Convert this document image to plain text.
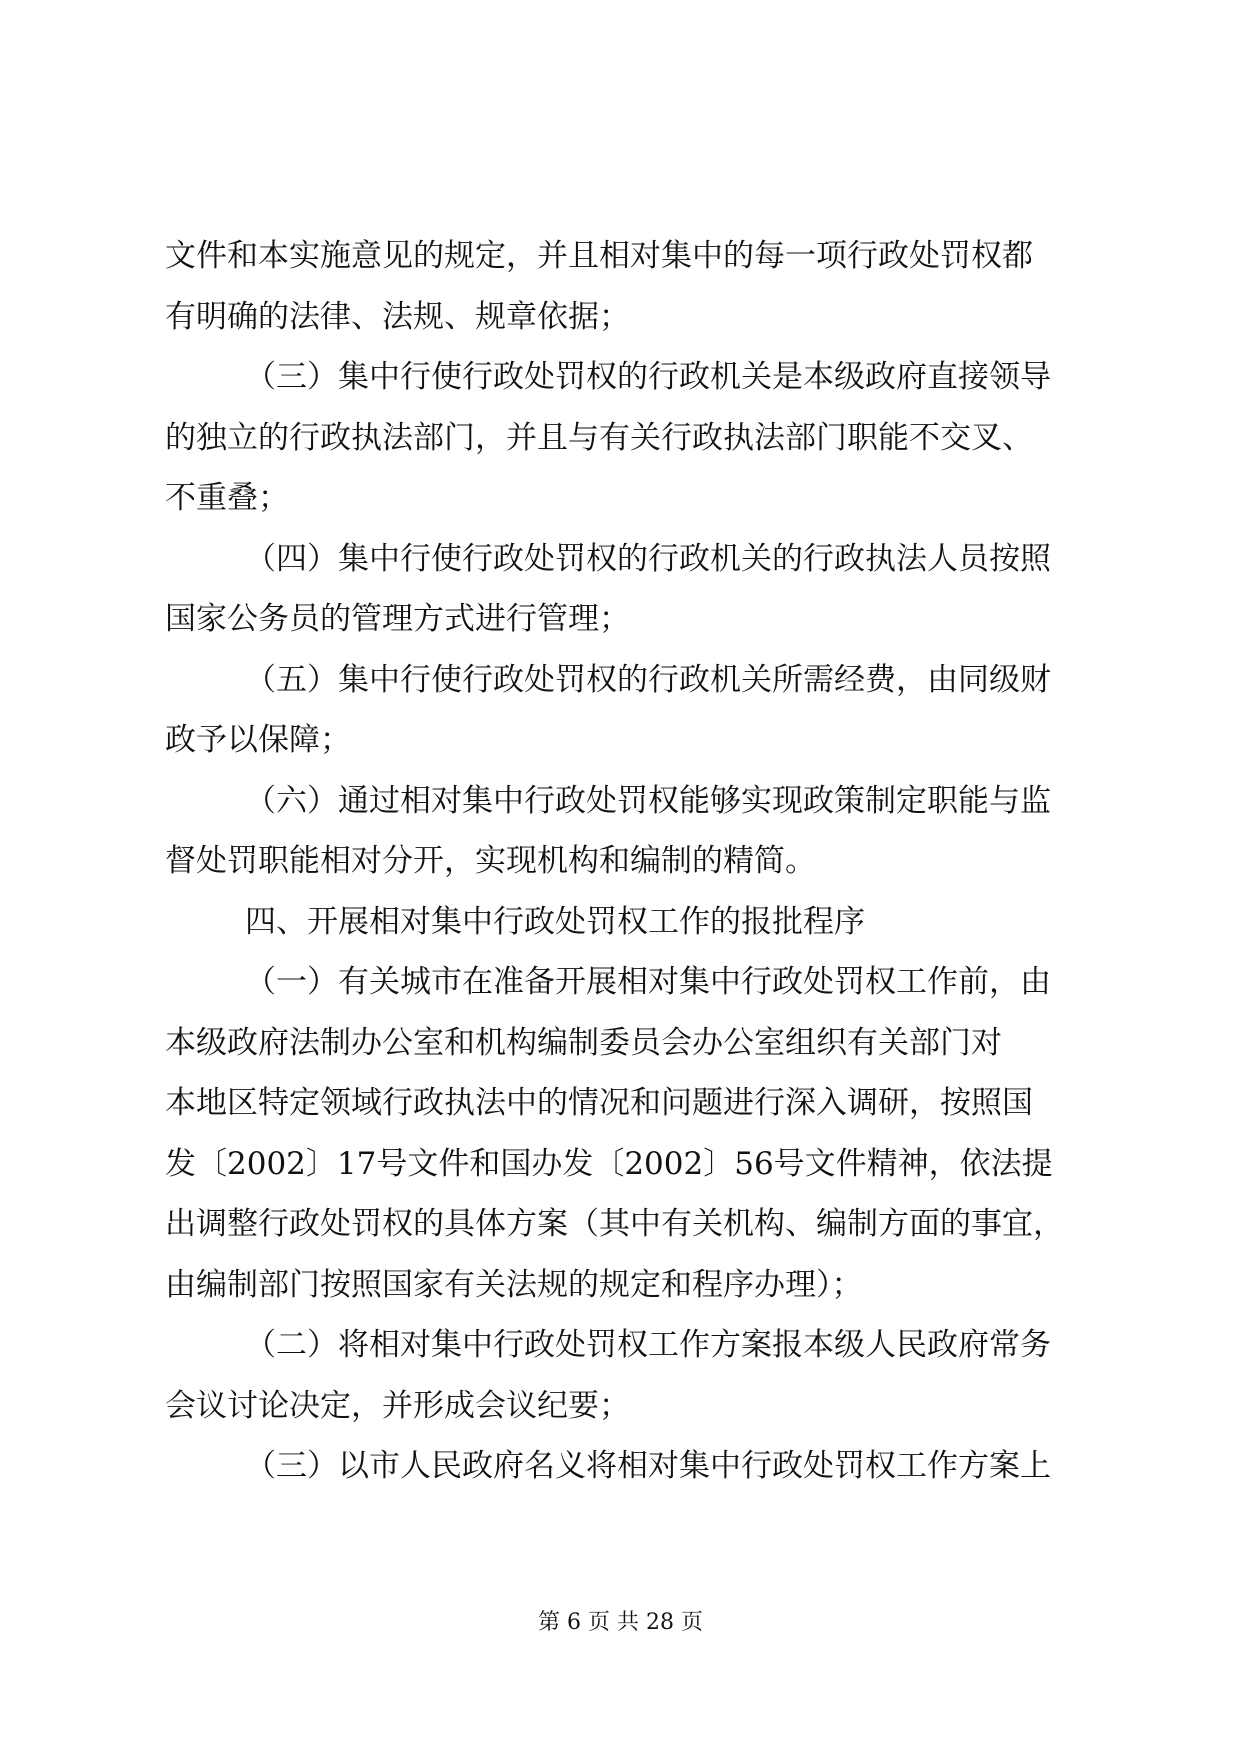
文件和本实施意见的规定，并且相对集中的每一项行政处罚权都
有明确的法律、法规、规章依据；
（三）集中行使行政处罚权的行政机关是本级政府直接领导
的独立的行政执法部门，并且与有关行政执法部门职能不交叉、
不重叠；
（四）集中行使行政处罚权的行政机关的行政执法人员按照
国家公务员的管理方式进行管理；
（五）集中行使行政处罚权的行政机关所需经费，由同级财
政予以保障；
（六）通过相对集中行政处罚权能够实现政策制定职能与监
督处罚职能相对分开，实现机构和编制的精简。
四、开展相对集中行政处罚权工作的报批程序
（一）有关城市在准备开展相对集中行政处罚权工作前，由
本级政府法制办公室和机构编制委员会办公室组织有关部门对
本地区特定领域行政执法中的情况和问题进行深入调研，按照国
发〔2002〕17号文件和国办发〔2002〕56号文件精神，依法提
出调整行政处罚权的具体方案（其中有关机构、编制方面的事宜，
由编制部门按照国家有关法规的规定和程序办理）；
（二）将相对集中行政处罚权工作方案报本级人民政府常务
会议讨论决定，并形成会议纪要；
（三）以市人民政府名义将相对集中行政处罚权工作方案上
第 6 页 共 28 页
